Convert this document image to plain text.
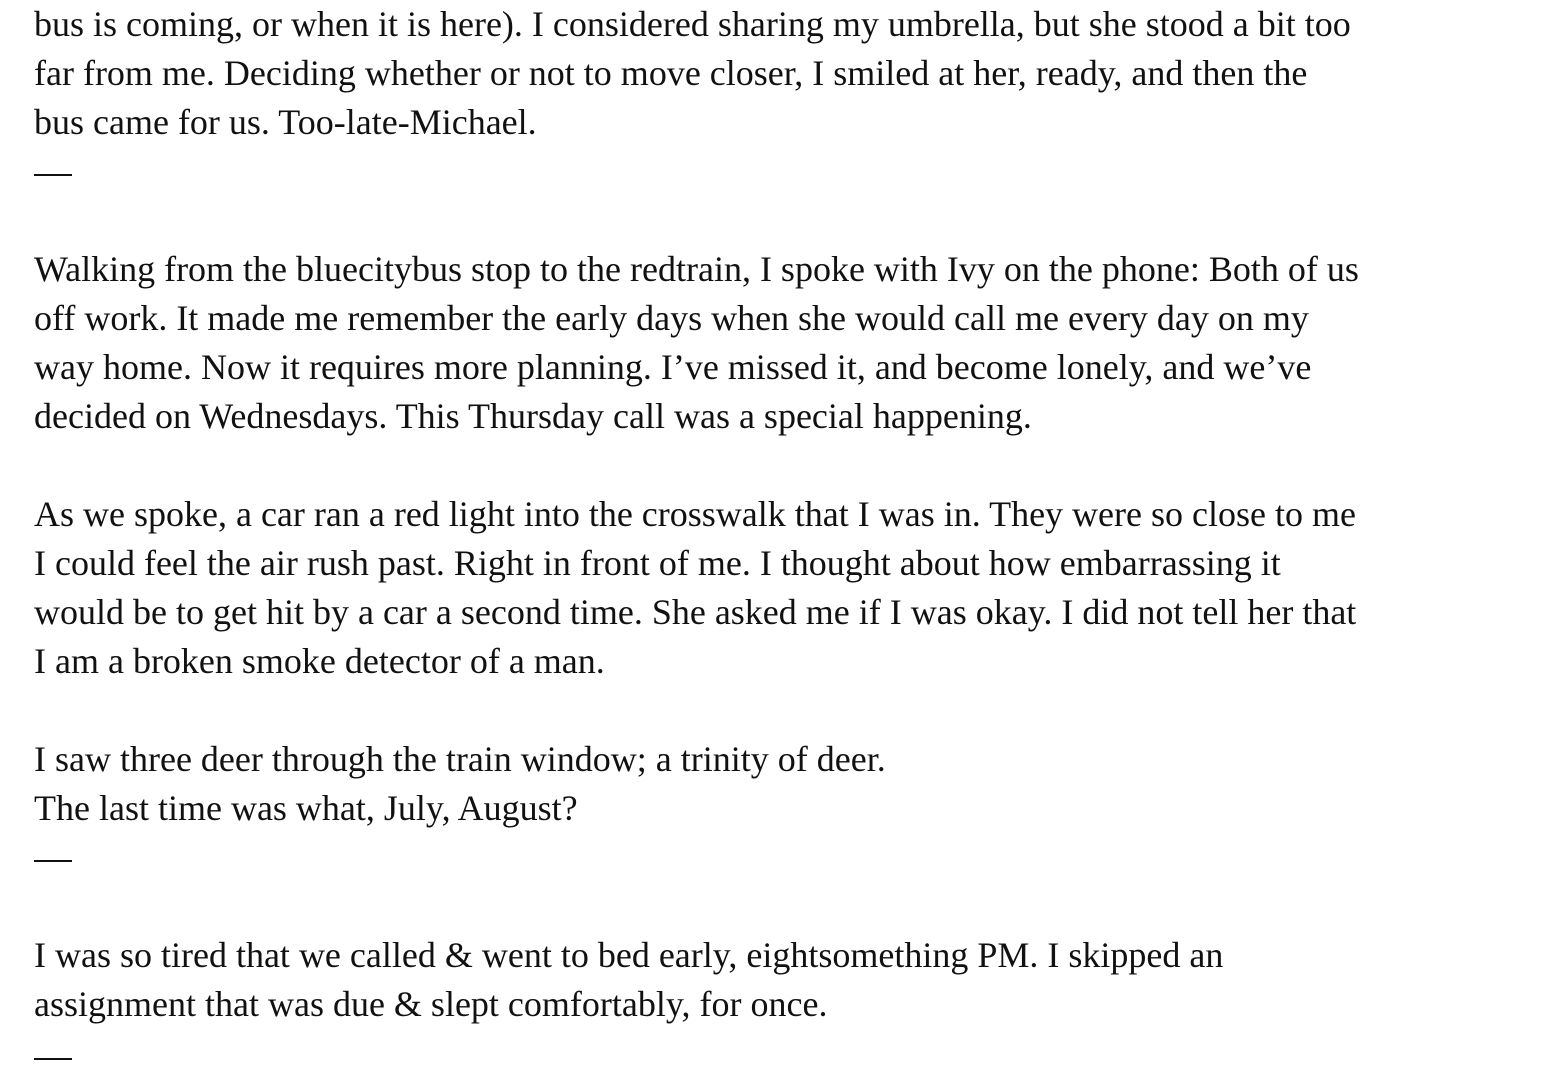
bus is coming, or when it is here). I considered sharing my umbrella, but she stood a bit too
far from me. Deciding whether or not to move closer, I smiled at her, ready, and then the
bus came for us. Too-late-Michael.
Walking from the bluecitybus stop to the redtrain, I spoke with Ivy on the phone: Both of us
off work. It made me remember the early days when she would call me every day on my
way home. Now it requires more planning. I’ve missed it, and become lonely, and we’ve
decided on Wednesdays. This Thursday call was a special happening.
As we spoke, a car ran a red light into the crosswalk that I was in. They were so close to me
I could feel the air rush past. Right in front of me. I thought about how embarrassing it
would be to get hit by a car a second time. She asked me if I was okay. I did not tell her that
I am a broken smoke detector of a man.
I saw three deer through the train window; a trinity of deer.
The last time was what, July, August?
I was so tired that we called & went to bed early, eightsomething PM. I skipped an
assignment that was due & slept comfortably, for once.
